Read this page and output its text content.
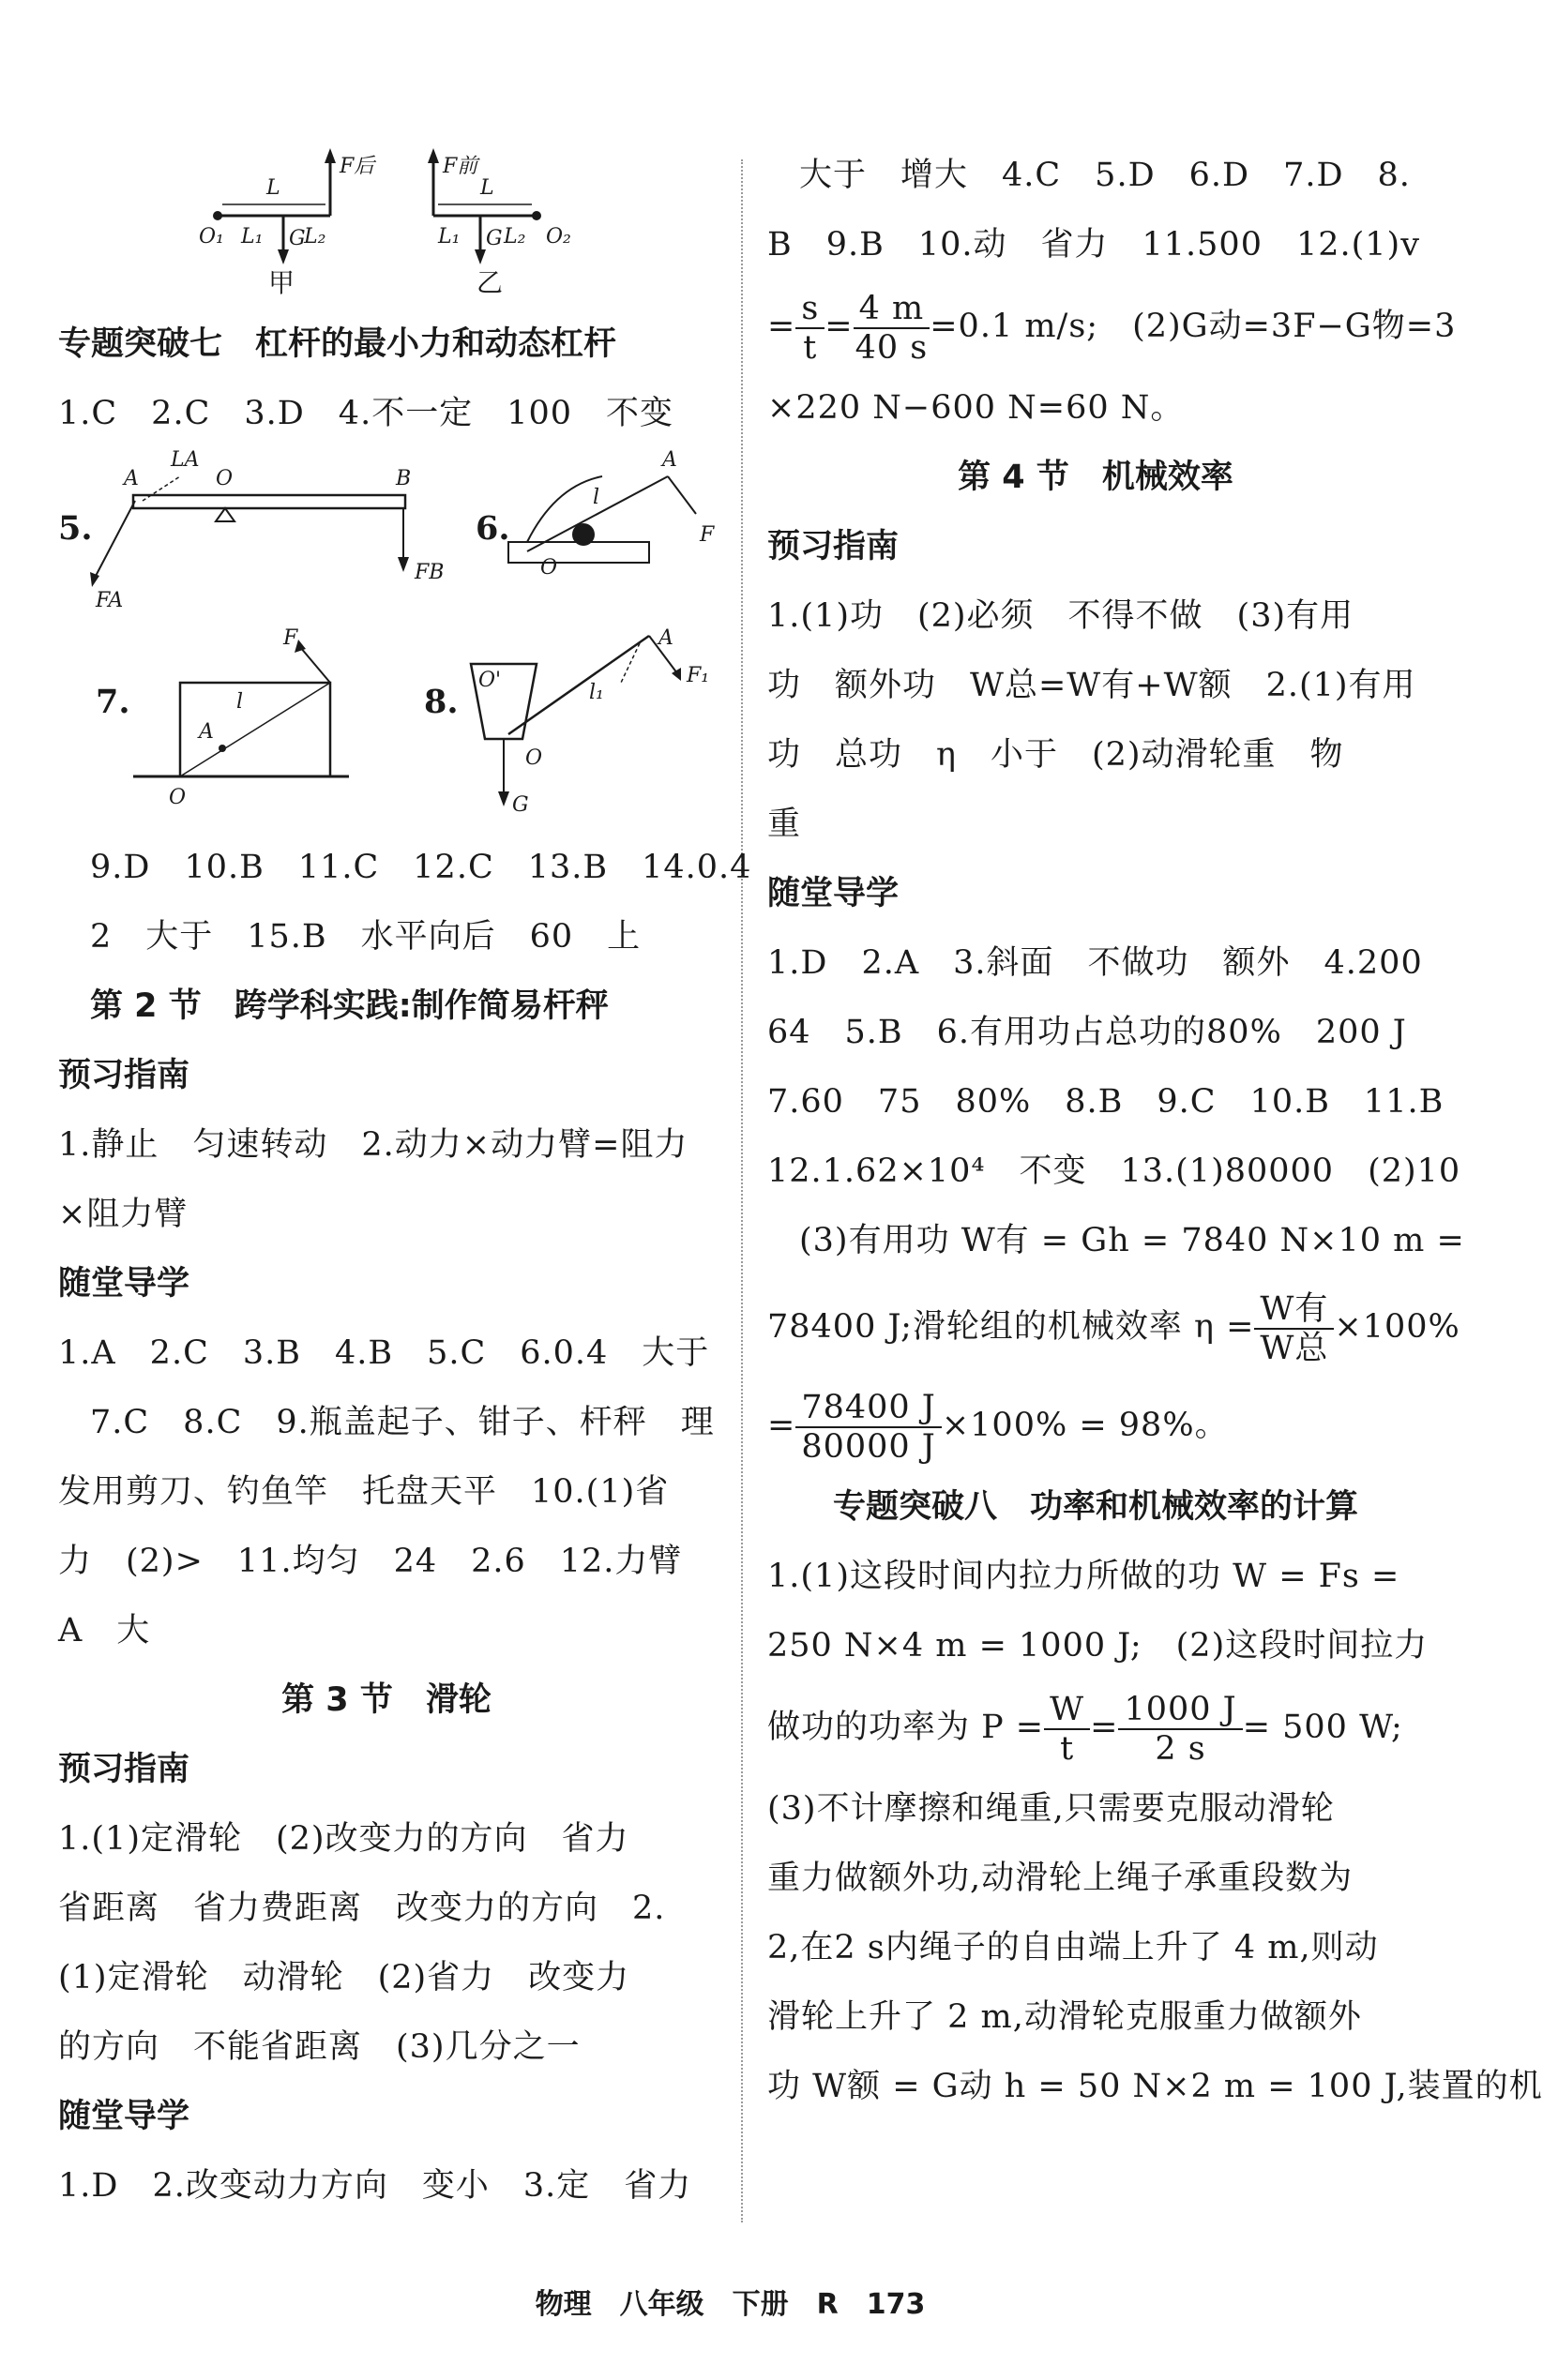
F后	F前
L	L
O₁ L₁ G
L₂	L₁ G L₂ O₂
甲	乙
专题突破七　杠杆的最小力和动态杠杆
1.C　2.C　3.D　4.不一定　100　不变
5.	6.
A
LA
O	B
FA
FB
A
l
F
O
7.	8.
F
A
l
O
O'
O
G
l₁
A
F₁
9.D　10.B　11.C　12.C　13.B　14.0.4
2　大于　15.B　水平向后　60　上
第 2 节　跨学科实践:制作简易杆秤
预习指南
1.静止　匀速转动　2.动力×动力臂=阻力
×阻力臂
随堂导学
1.A　2.C　3.B　4.B　5.C　6.0.4　大于
7.C　8.C　9.瓶盖起子、钳子、杆秤　理
发用剪刀、钓鱼竿　托盘天平　10.(1)省
力　(2)>　11.均匀　24　2.6　12.力臂
A　大
第 3 节　滑轮
预习指南
1.(1)定滑轮　(2)改变力的方向　省力
省距离　省力费距离　改变力的方向　2.
(1)定滑轮　动滑轮　(2)省力　改变力
的方向　不能省距离　(3)几分之一
随堂导学
1.D　2.改变动力方向　变小　3.定　省力
大于　增大　4.C　5.D　6.D　7.D　8.
B　9.B　10.动　省力　11.500　12.(1)v
= $\frac{s}{t} = \frac{4 m}{40 s} =0.1$ m/s;　(2)G动=3F−G物=3
×220 N−600 N=60 N。
第 4 节　机械效率
预习指南
1.(1)功　(2)必须　不得不做　(3)有用
功　额外功　W总=W有+W额　2.(1)有用
功　总功　η　小于　(2)动滑轮重　物
重
随堂导学
1.D　2.A　3.斜面　不做功　额外　4.200
64　5.B　6.有用功占总功的80%　200 J
7.60　75　80%　8.B　9.C　10.B　11.B
12.1.62×10⁴　不变　13.(1)80000　(2)10
(3)有用功 W有 = Gh = 7840 N×10 m =
78400 J;滑轮组的机械效率 $\eta = \frac{\text{W有}}{\text{W总}} \times 100\%$
= $\frac{78400 J}{80000 J} \times 100\% = 98\%$。
专题突破八　功率和机械效率的计算
1.(1)这段时间内拉力所做的功 W = Fs =
250 N×4 m = 1000 J;　(2)这段时间拉力
做功的功率为 $P = \frac{W}{t} = \frac{1000 J}{2 s} = 500$ W;
(3)不计摩擦和绳重,只需要克服动滑轮
重力做额外功,动滑轮上绳子承重段数为
2,在2 s内绳子的自由端上升了 4 m,则动
滑轮上升了 2 m,动滑轮克服重力做额外
功 W额 = G动 h = 50 N×2 m = 100 J,装置的机
物理　八年级　下册　R　173
